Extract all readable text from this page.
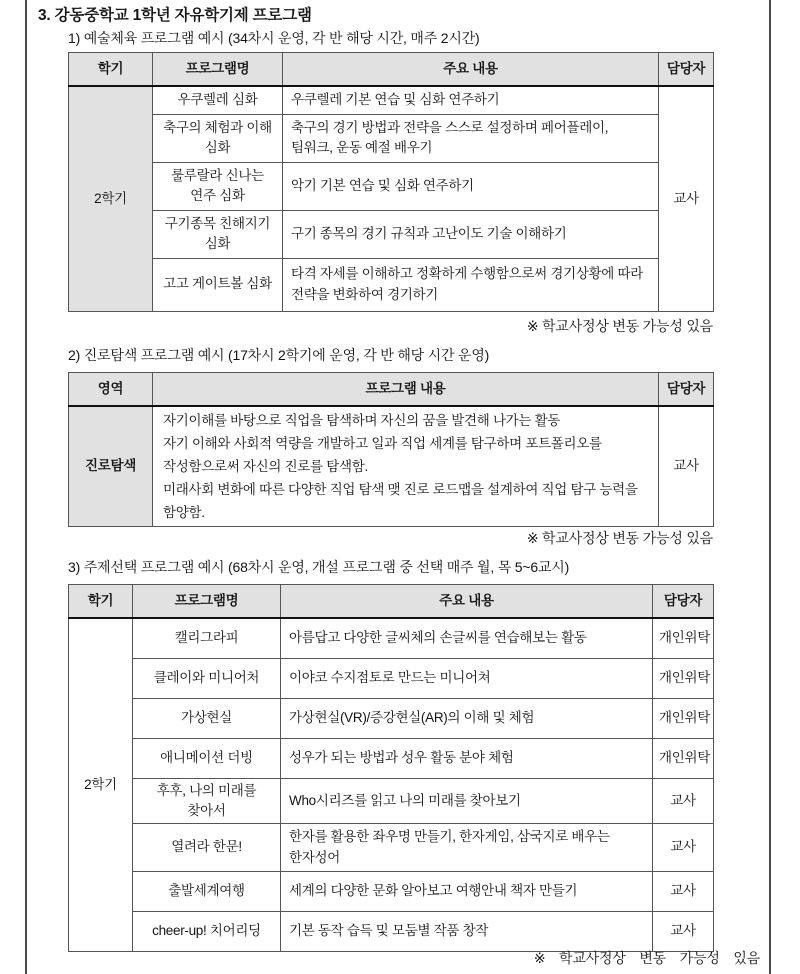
3. 강동중학교 1학년 자유학기제 프로그램
1) 예술체육 프로그램 예시 (34차시 운영, 각 반 해당 시간, 매주 2시간)
학기	프로그램명	주요 내용	담당자
2학기	우쿠렐레 심화	우쿠렐레 기본 연습 및 심화 연주하기	교사
	축구의 체험과 이해 심화	축구의 경기 방법과 전략을 스스로 설정하며 페어플레이, 팀워크, 운동 예절 배우기	
	룰루랄라 신나는 연주 심화	악기 기본 연습 및 심화 연주하기	
	구기종목 친해지기 심화	구기 종목의 경기 규칙과 고난이도 기술 이해하기	
	고고 게이트볼 심화	타격 자세를 이해하고 정확하게 수행함으로써 경기상황에 따라 전략을 변화하여 경기하기	
※ 학교사정상 변동 가능성 있음
2) 진로탐색 프로그램 예시 (17차시 2학기에 운영, 각 반 해당 시간 운영)
영역	프로그램 내용	담당자
진로탐색	자기이해를 바탕으로 직업을 탐색하며 자신의 꿈을 발견해 나가는 활동
자기 이해와 사회적 역량을 개발하고 일과 직업 세계를 탐구하며 포트폴리오를 작성함으로써 자신의 진로를 탐색함.
미래사회 변화에 따른 다양한 직업 탐색 맺 진로 로드맵을 설계하여 직업 탐구 능력을 함양함.	교사
※ 학교사정상 변동 가능성 있음
3) 주제선택 프로그램 예시 (68차시 운영, 개설 프로그램 중 선택 매주 월, 목 5~6교시)
학기	프로그램명	주요 내용	담당자
2학기	캘리그라피	아름답고 다양한 글씨체의 손글씨를 연습해보는 활동	개인위탁
	클레이와 미니어처	이야코 수지점토로 만드는 미니어쳐	개인위탁
	가상현실	가상현실(VR)/증강현실(AR)의 이해 및 체험	개인위탁
	애니메이션 더빙	성우가 되는 방법과 성우 활동 분야 체험	개인위탁
	후후, 나의 미래를 찾아서	Who시리즈를 읽고 나의 미래를 찾아보기	교사
	열려라 한문!	한자를 활용한 좌우명 만들기, 한자게임, 삼국지로 배우는 한자성어	교사
	출발세계여행	세계의 다양한 문화 알아보고 여행안내 책자 만들기	교사
	cheer-up! 치어리딩	기본 동작 습득 및 모둠별 작품 창작	교사
※ 학교사정상 변동 가능성 있음
